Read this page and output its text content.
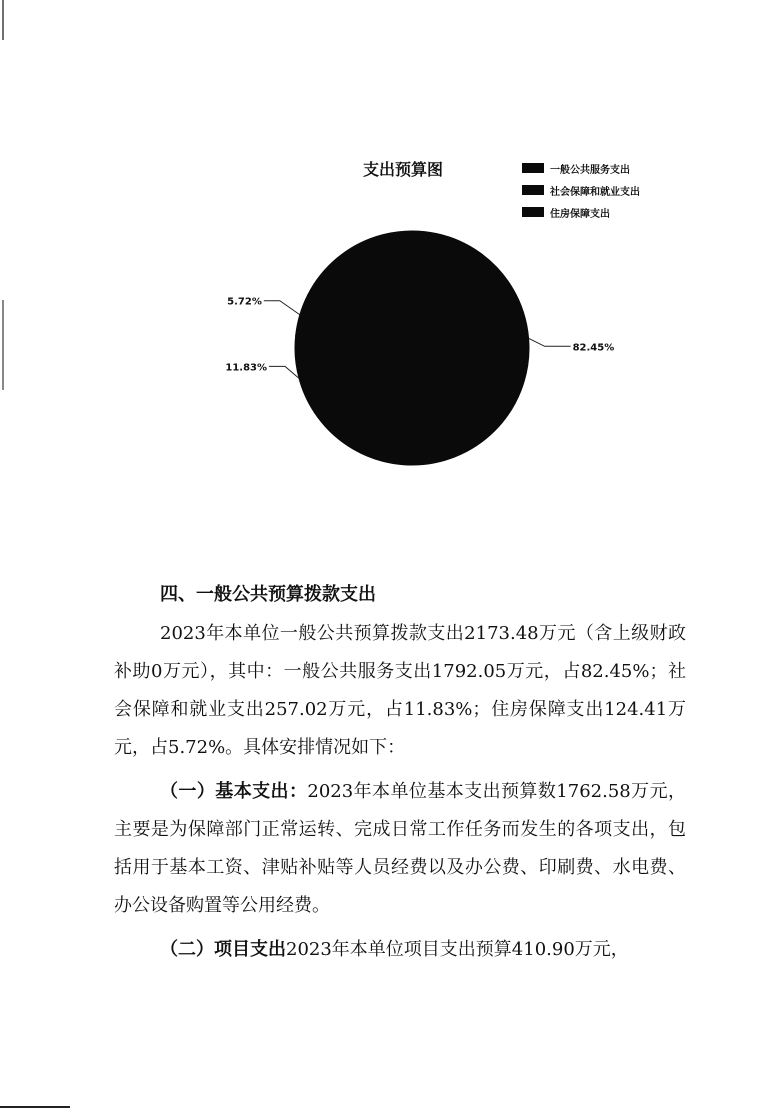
82.45%
11.83%
5.72%
支出预算图	一般公共服务支出
社会保障和就业支出
住房保障支出
四、一般公共预算拨款支出

2023年本单位一般公共预算拨款支出2173.48万元（含上级财政补助0万元），其中：一般公共服务支出1792.05万元，占82.45%；社会保障和就业支出257.02万元，占11.83%；住房保障支出124.41万元，占5.72%。具体安排情况如下：

（一）基本支出：2023年本单位基本支出预算数1762.58万元，主要是为保障部门正常运转、完成日常工作任务而发生的各项支出，包括用于基本工资、津贴补贴等人员经费以及办公费、印刷费、水电费、办公设备购置等公用经费。

（二）项目支出2023年本单位项目支出预算410.90万元，
